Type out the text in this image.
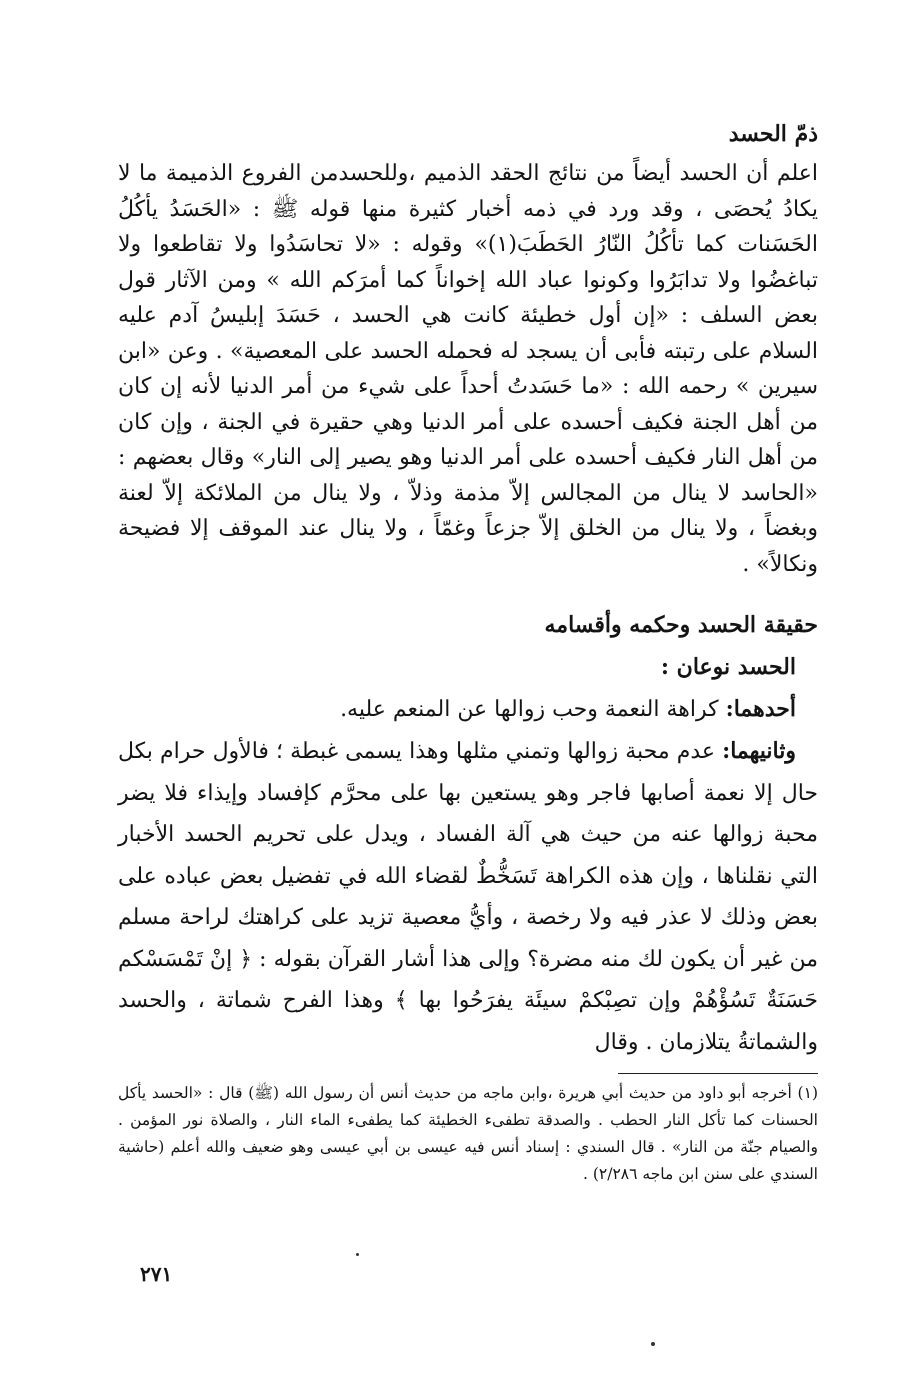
ذمّ الحسد

اعلم أن الحسد أيضاً من نتائج الحقد الذميم ،وللحسدمن الفروع الذميمة ما لا يكادُ يُحصَى ، وقد ورد في ذمه أخبار كثيرة منها قوله ﷺ : «الحَسَدُ يأكُلُ الحَسَنات كما تأكُلُ النّارُ الحَطَبَ(١)» وقوله : «لا تحاسَدُوا ولا تقاطعوا ولا تباغضُوا ولا تدابَرُوا وكونوا عباد الله إخواناً كما أمرَكم الله » ومن الآثار قول بعض السلف : «إن أول خطيئة كانت هي الحسد ، حَسَدَ إبليسُ آدم عليه السلام على رتبته فأبى أن يسجد له فحمله الحسد على المعصية» . وعن «ابن سيرين » رحمه الله : «ما حَسَدتُ أحداً على شيء من أمر الدنيا لأنه إن كان من أهل الجنة فكيف أحسده على أمر الدنيا وهي حقيرة في الجنة ، وإن كان من أهل النار فكيف أحسده على أمر الدنيا وهو يصير إلى النار» وقال بعضهم : «الحاسد لا ينال من المجالس إلاّ مذمة وذلاّ ، ولا ينال من الملائكة إلاّ لعنة وبغضاً ، ولا ينال من الخلق إلاّ جزعاً وغمّاً ، ولا ينال عند الموقف إلا فضيحة ونكالاً» .

حقيقة الحسد وحكمه وأقسامه

الحسد نوعان :

أحدهما: كراهة النعمة وحب زوالها عن المنعم عليه.

وثانيهما: عدم محبة زوالها وتمني مثلها وهذا يسمى غبطة ؛ فالأول حرام بكل حال إلا نعمة أصابها فاجر وهو يستعين بها على محرَّم كإفساد وإيذاء فلا يضر محبة زوالها عنه من حيث هي آلة الفساد ، ويدل على تحريم الحسد الأخبار التي نقلناها ، وإن هذه الكراهة تَسَخُّطٌ لقضاء الله في تفضيل بعض عباده على بعض وذلك لا عذر فيه ولا رخصة ، وأيُّ معصية تزيد على كراهتك لراحة مسلم من غير أن يكون لك منه مضرة؟ وإلى هذا أشار القرآن بقوله : ﴿ إنْ تَمْسَسْكم حَسَنَةٌ تَسُؤْهُمْ وإن تصِبْكمْ سيئَة يفرَحُوا بها ﴾ وهذا الفرح شماتة ، والحسد والشماتةُ يتلازمان . وقال

(١) أخرجه أبو داود من حديث أبي هريرة ،وابن ماجه من حديث أنس أن رسول الله (ﷺ) قال : «الحسد يأكل الحسنات كما تأكل النار الحطب . والصدقة تطفىء الخطيئة كما يطفىء الماء النار ، والصلاة نور المؤمن . والصيام جنّة من النار» . قال السندي : إسناد أنس فيه عيسى بن أبي عيسى وهو ضعيف والله أعلم (حاشية السندي على سنن ابن ماجه ٢/٢٨٦) .

٢٧١
